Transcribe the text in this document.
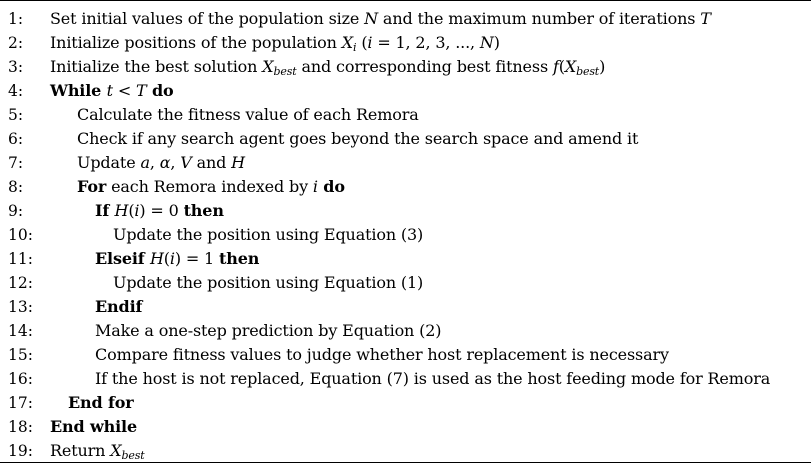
1: Set initial values of the population size N and the maximum number of iterations T
2: Initialize positions of the population $X_i$ (i = 1, 2, 3, ..., N)
3: Initialize the best solution $X_{best}$ and corresponding best fitness $f(X_{best})$
4: While t < T do
5:	Calculate the fitness value of each Remora
6:	Check if any search agent goes beyond the search space and amend it
7:	Update a, α, V and H
8:	For each Remora indexed by i do
9:	If H(i) = 0 then
10:	Update the position using Equation (3)
11:	Elseif H(i) = 1 then
12:	Update the position using Equation (1)
13:	Endif
14:	Make a one-step prediction by Equation (2)
15:	Compare fitness values to judge whether host replacement is necessary
16:	If the host is not replaced, Equation (7) is used as the host feeding mode for Remora
17: End for
18: End while
19: Return $X_{best}$
